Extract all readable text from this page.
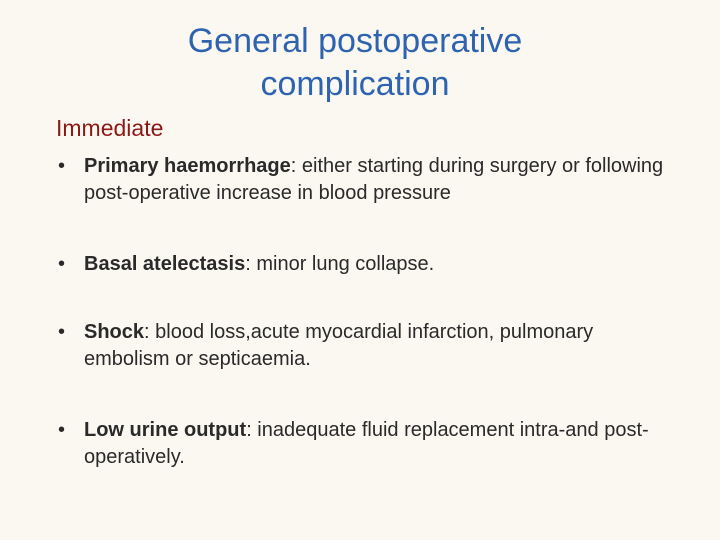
General postoperative
complication
Immediate
• Primary haemorrhage: either starting during surgery or following post-operative increase in blood pressure
• Basal atelectasis: minor lung collapse.
• Shock: blood loss,acute myocardial infarction, pulmonary embolism or septicaemia.
• Low urine output: inadequate fluid replacement intra-and post-operatively.
